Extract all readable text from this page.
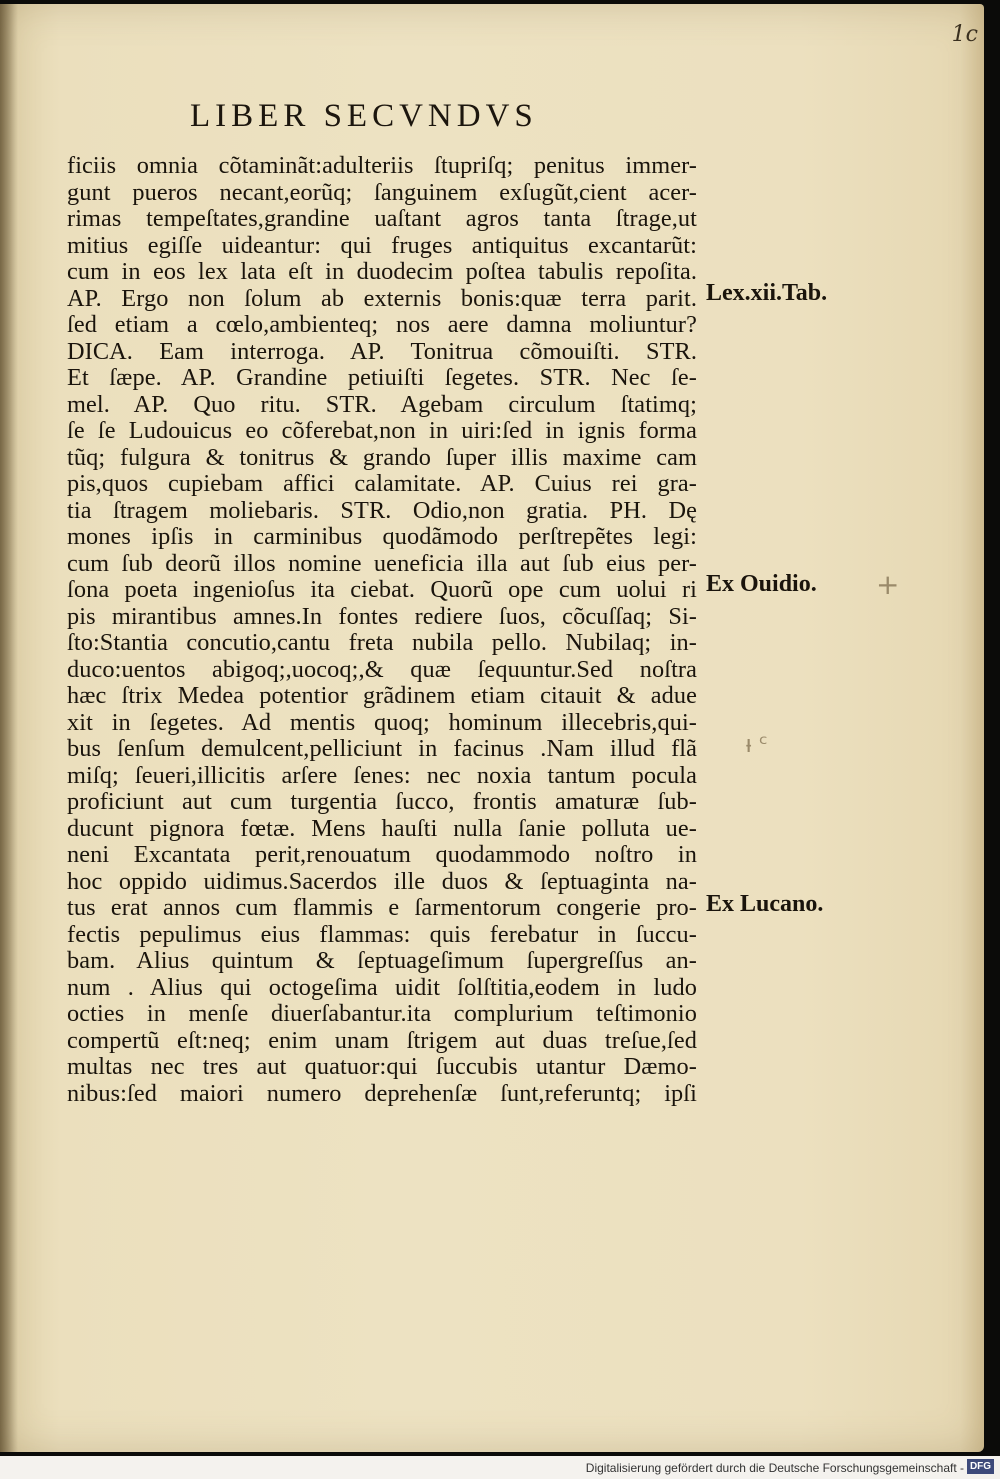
1c
LIBER SECVNDVS
ficiis omnia cõtaminãt:adulteriis ſtupriſq; penitus immer-
gunt pueros necant,eorũq; ſanguinem exſugũt,cient acer-
rimas tempeſtates,grandine uaſtant agros tanta ſtrage,ut
mitius egiſſe uideantur: qui fruges antiquitus excantarũt:
cum in eos lex lata eſt in duodecim poſtea tabulis repoſita.
AP. Ergo non ſolum ab externis bonis:quæ terra parit.
ſed etiam a cœlo,ambienteq; nos aere damna moliuntur?
DICA. Eam interroga. AP. Tonitrua cõmouiſti. STR.
Et ſæpe. AP. Grandine petiuiſti ſegetes. STR. Nec ſe-
mel. AP. Quo ritu. STR. Agebam circulum ſtatimq;
ſe ſe Ludouicus eo cõferebat,non in uiri:ſed in ignis forma
tũq; fulgura & tonitrus & grando ſuper illis maxime cam
pis,quos cupiebam affici calamitate. AP. Cuius rei gra-
tia ſtragem moliebaris. STR. Odio,non gratia. PH. Dę
mones ipſis in carminibus quodãmodo perſtrepẽtes legi:
cum ſub deorũ illos nomine ueneficia illa aut ſub eius per-
ſona poeta ingenioſus ita ciebat. Quorũ ope cum uolui ri
pis mirantibus amnes.In fontes rediere ſuos, cõcuſſaq; Si-
ſto:Stantia concutio,cantu freta nubila pello. Nubilaq; in-
duco:uentos abigoq;,uocoq;,& quæ ſequuntur.Sed noſtra
hæc ſtrix Medea potentior grãdinem etiam citauit & adue
xit in ſegetes. Ad mentis quoq; hominum illecebris,qui-
bus ſenſum demulcent,pelliciunt in facinus .Nam illud flã
miſq; ſeueri,illicitis arſere ſenes: nec noxia tantum pocula
proficiunt aut cum turgentia ſucco, frontis amaturæ ſub-
ducunt pignora fœtæ. Mens hauſti nulla ſanie polluta ue-
neni Excantata perit,renouatum quodammodo noſtro in
hoc oppido uidimus.Sacerdos ille duos & ſeptuaginta na-
tus erat annos cum flammis e ſarmentorum congerie pro-
fectis pepulimus eius flammas: quis ferebatur in ſuccu-
bam. Alius quintum & ſeptuageſimum ſupergreſſus an-
num . Alius qui octogeſima uidit ſolſtitia,eodem in ludo
octies in menſe diuerſabantur.ita complurium teſtimonio
compertũ eſt:neq; enim unam ſtrigem aut duas treſue,ſed
multas nec tres aut quatuor:qui ſuccubis utantur Dæmo-
nibus:ſed maiori numero deprehenſæ ſunt,referuntq; ipſi
Lex.xii.Tab.
Ex Ouidio.
Ex Lucano.
+
ᵼ ᶜ
Digitalisierung gefördert durch die Deutsche Forschungsgemeinschaft - DFG
